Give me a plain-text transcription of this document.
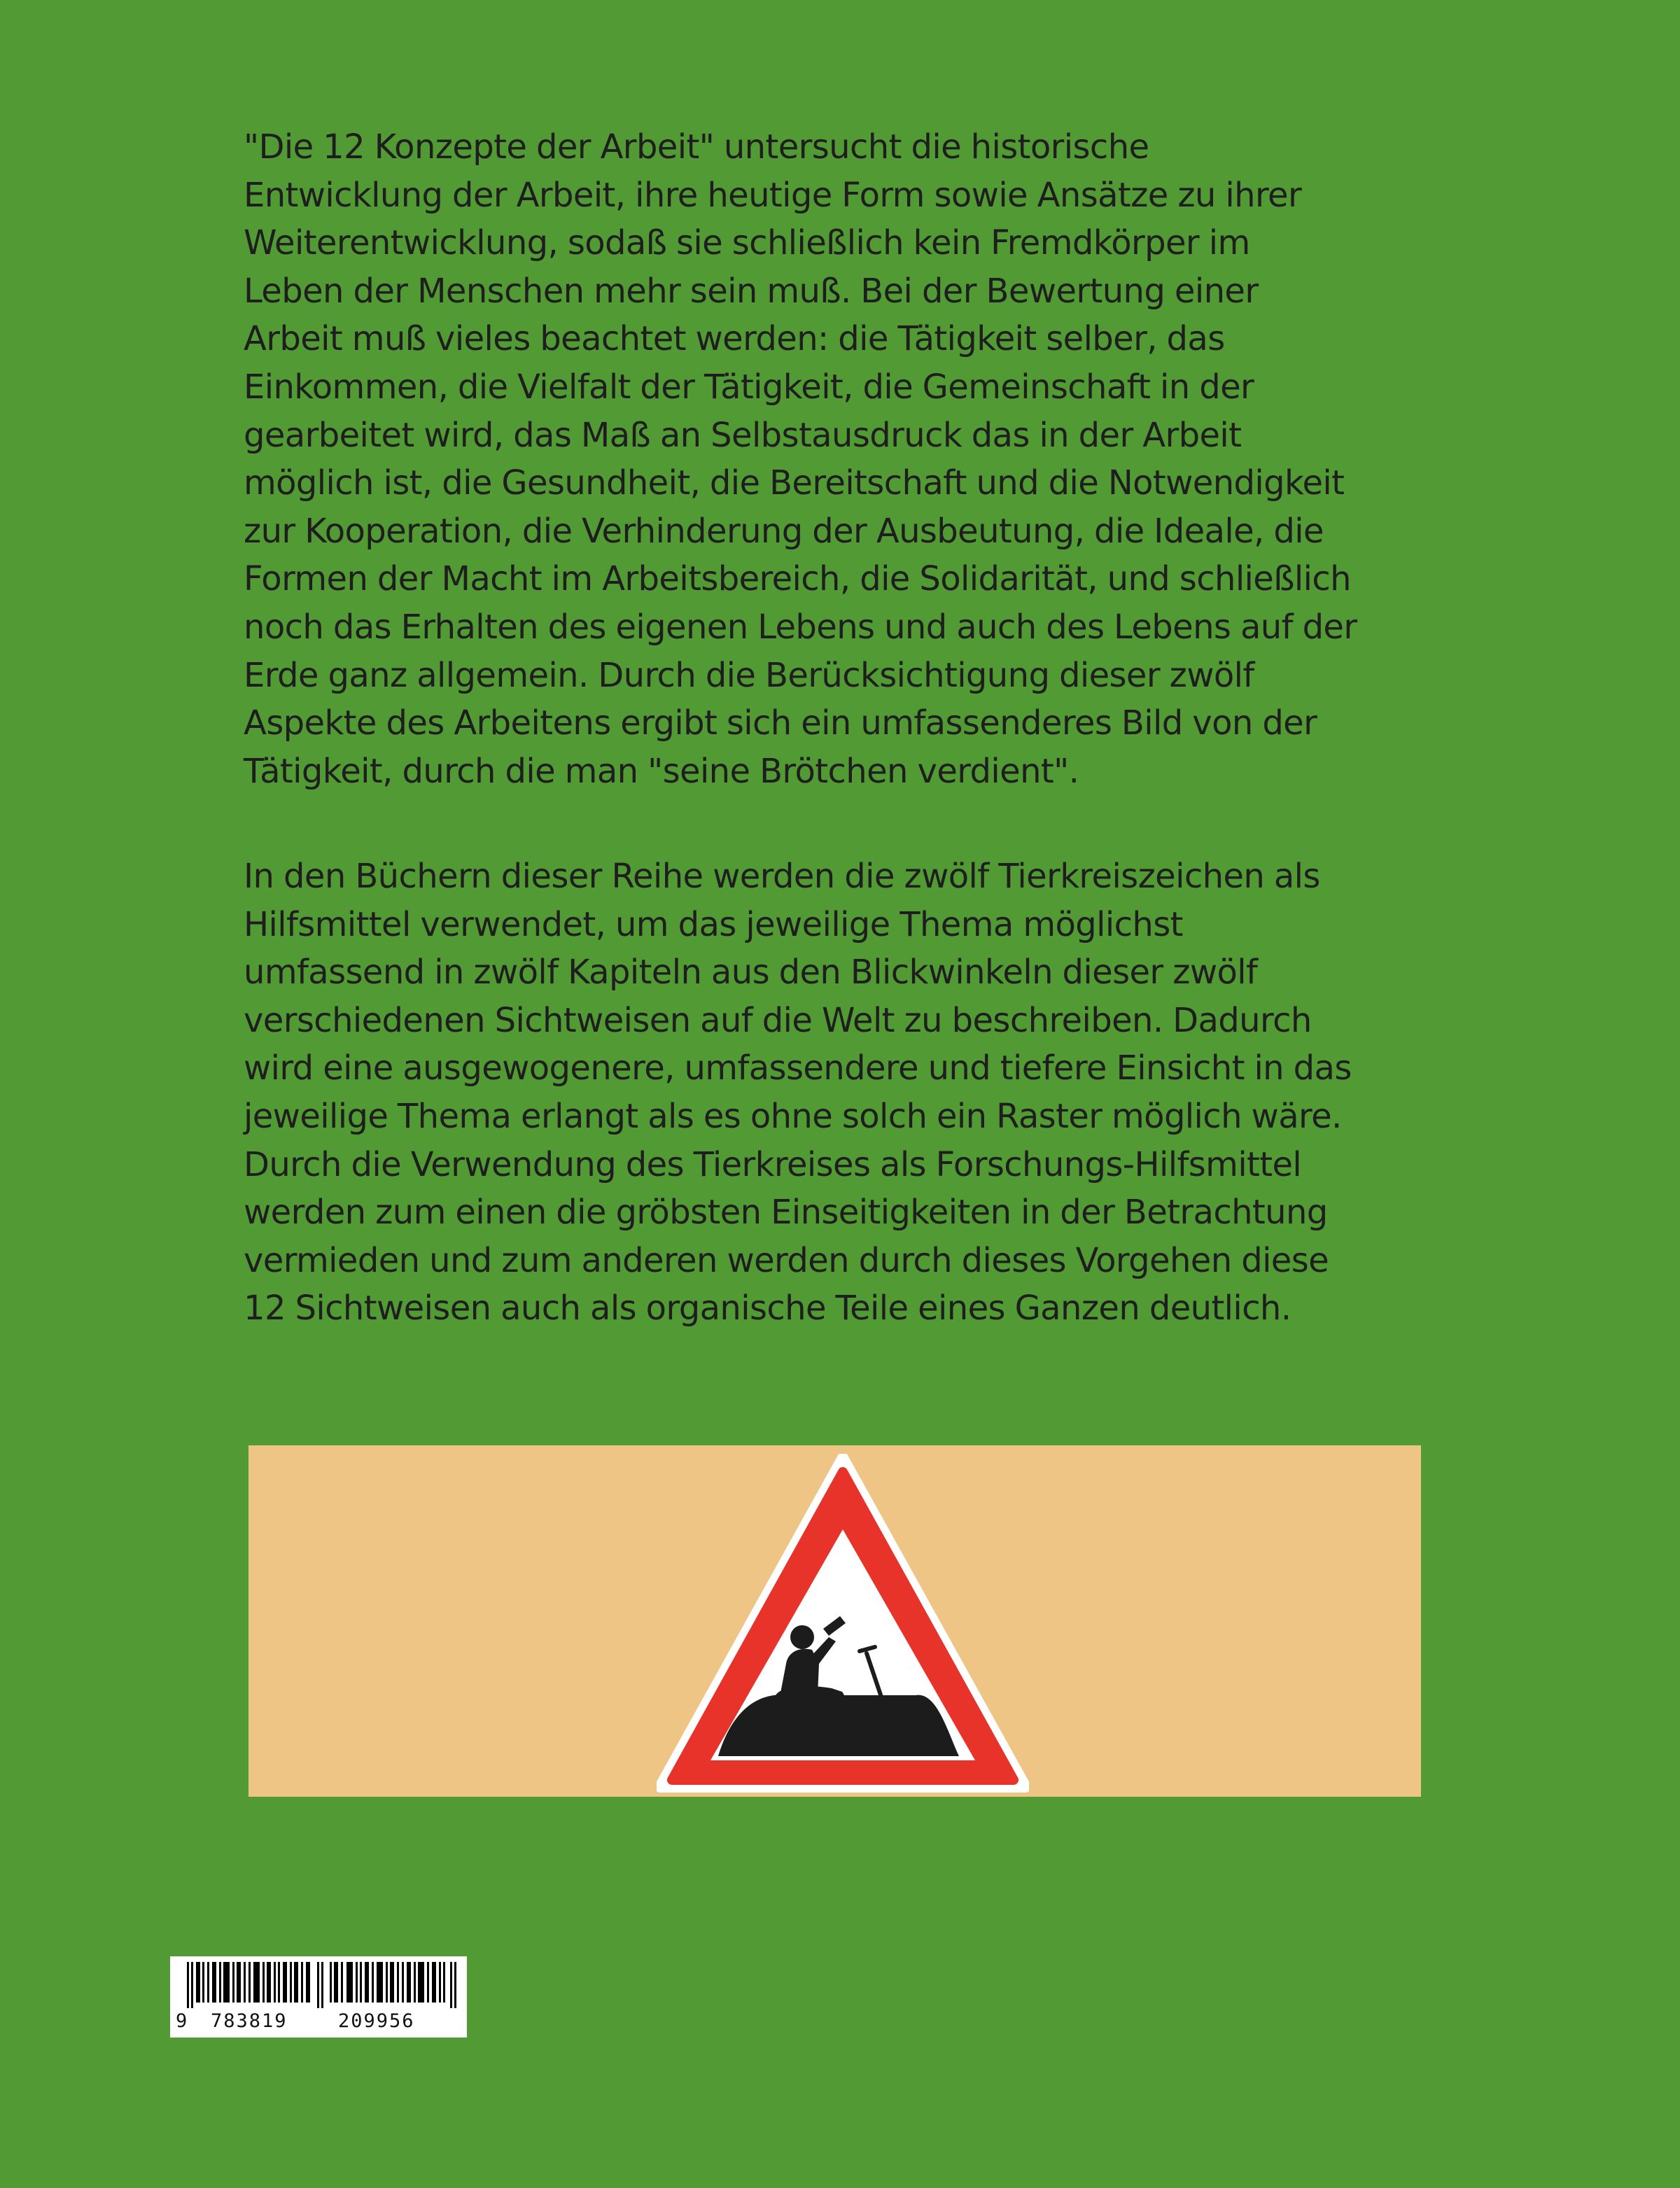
"Die 12 Konzepte der Arbeit" untersucht die historische
Entwicklung der Arbeit, ihre heutige Form sowie Ansätze zu ihrer
Weiterentwicklung, sodaß sie schließlich kein Fremdkörper im
Leben der Menschen mehr sein muß. Bei der Bewertung einer
Arbeit muß vieles beachtet werden: die Tätigkeit selber, das
Einkommen, die Vielfalt der Tätigkeit, die Gemeinschaft in der
gearbeitet wird, das Maß an Selbstausdruck das in der Arbeit
möglich ist, die Gesundheit, die Bereitschaft und die Notwendigkeit
zur Kooperation, die Verhinderung der Ausbeutung, die Ideale, die
Formen der Macht im Arbeitsbereich, die Solidarität, und schließlich
noch das Erhalten des eigenen Lebens und auch des Lebens auf der
Erde ganz allgemein. Durch die Berücksichtigung dieser zwölf
Aspekte des Arbeitens ergibt sich ein umfassenderes Bild von der
Tätigkeit, durch die man "seine Brötchen verdient".

In den Büchern dieser Reihe werden die zwölf Tierkreiszeichen als
Hilfsmittel verwendet, um das jeweilige Thema möglichst
umfassend in zwölf Kapiteln aus den Blickwinkeln dieser zwölf
verschiedenen Sichtweisen auf die Welt zu beschreiben. Dadurch
wird eine ausgewogenere, umfassendere und tiefere Einsicht in das
jeweilige Thema erlangt als es ohne solch ein Raster möglich wäre.
Durch die Verwendung des Tierkreises als Forschungs-Hilfsmittel
werden zum einen die gröbsten Einseitigkeiten in der Betrachtung
vermieden und zum anderen werden durch dieses Vorgehen diese
12 Sichtweisen auch als organische Teile eines Ganzen deutlich.

9 783819	209956
